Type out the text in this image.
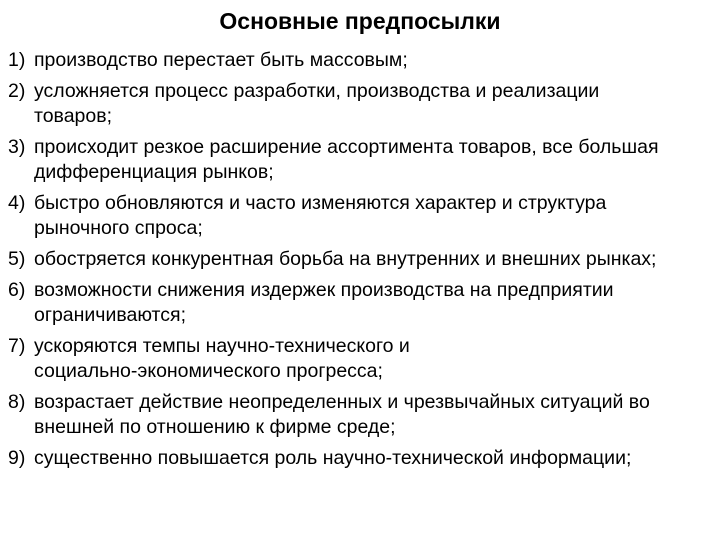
Основные предпосылки
1) производство перестает быть массовым;
2) усложняется процесс разработки, производства и реализации
товаров;
3) происходит резкое расширение ассортимента товаров, все большая
дифференциация рынков;
4) быстро обновляются и часто изменяются характер и структура
рыночного спроса;
5) обостряется конкурентная борьба на внутренних и внешних рынках;
6) возможности снижения издержек производства на предприятии
ограничиваются;
7) ускоряются темпы научно-технического и
социально-экономического прогресса;
8) возрастает действие неопределенных и чрезвычайных ситуаций во
внешней по отношению к фирме среде;
9) существенно повышается роль научно-технической информации;
